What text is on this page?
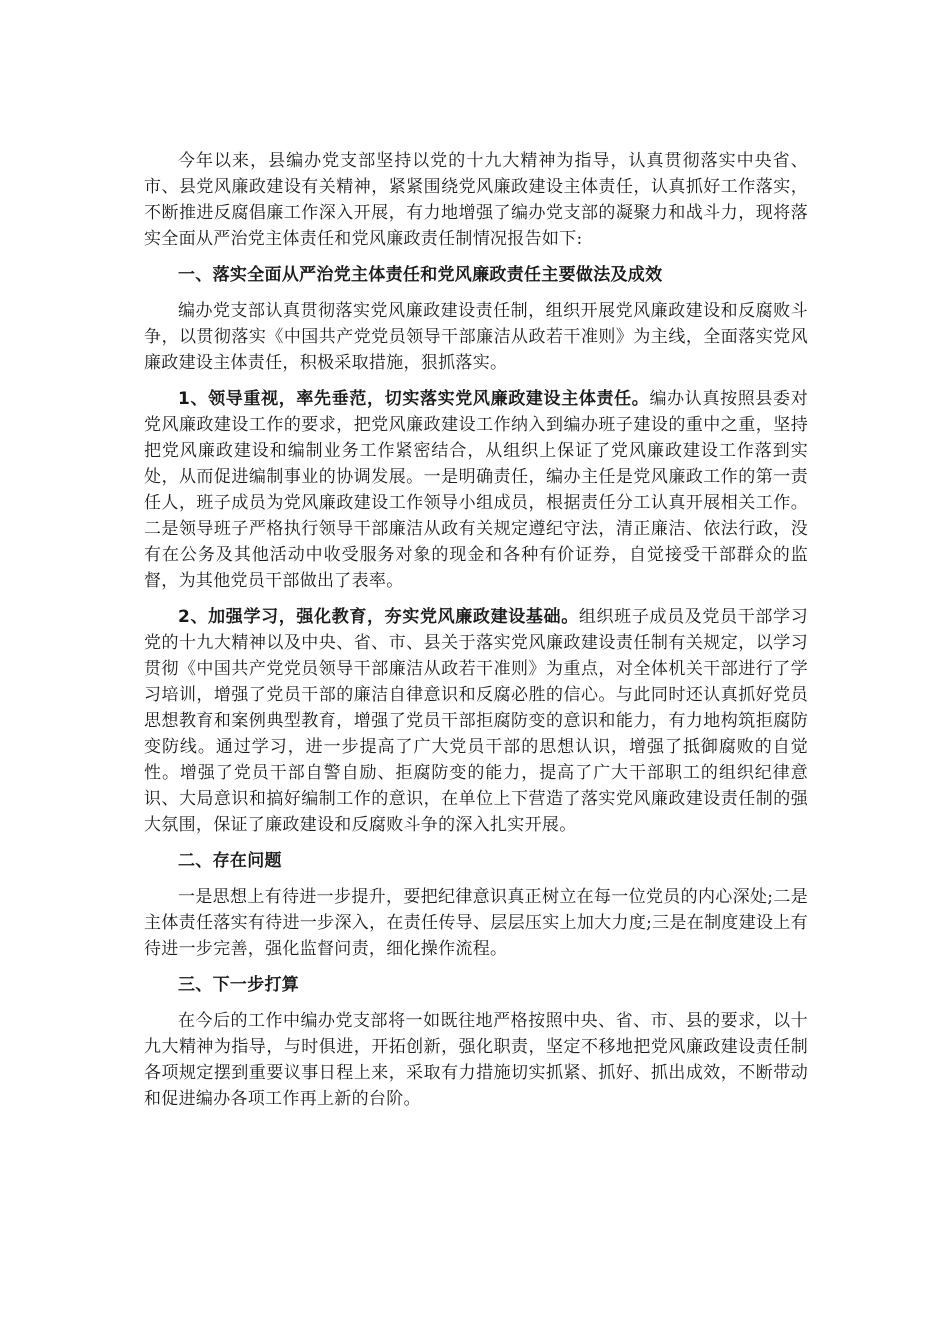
今年以来，县编办党支部坚持以党的十九大精神为指导，认真贯彻落实中央省、市、县党风廉政建设有关精神，紧紧围绕党风廉政建设主体责任，认真抓好工作落实，不断推进反腐倡廉工作深入开展，有力地增强了编办党支部的凝聚力和战斗力，现将落实全面从严治党主体责任和党风廉政责任制情况报告如下:

一、落实全面从严治党主体责任和党风廉政责任主要做法及成效

编办党支部认真贯彻落实党风廉政建设责任制，组织开展党风廉政建设和反腐败斗争，以贯彻落实《中国共产党党员领导干部廉洁从政若干准则》为主线，全面落实党风廉政建设主体责任，积极采取措施，狠抓落实。

1、领导重视，率先垂范，切实落实党风廉政建设主体责任。编办认真按照县委对党风廉政建设工作的要求，把党风廉政建设工作纳入到编办班子建设的重中之重，坚持把党风廉政建设和编制业务工作紧密结合，从组织上保证了党风廉政建设工作落到实处，从而促进编制事业的协调发展。一是明确责任，编办主任是党风廉政工作的第一责任人，班子成员为党风廉政建设工作领导小组成员，根据责任分工认真开展相关工作。二是领导班子严格执行领导干部廉洁从政有关规定遵纪守法，清正廉洁、依法行政，没有在公务及其他活动中收受服务对象的现金和各种有价证券，自觉接受干部群众的监督，为其他党员干部做出了表率。

2、加强学习，强化教育，夯实党风廉政建设基础。组织班子成员及党员干部学习党的十九大精神以及中央、省、市、县关于落实党风廉政建设责任制有关规定，以学习贯彻《中国共产党党员领导干部廉洁从政若干准则》为重点，对全体机关干部进行了学习培训，增强了党员干部的廉洁自律意识和反腐必胜的信心。与此同时还认真抓好党员思想教育和案例典型教育，增强了党员干部拒腐防变的意识和能力，有力地构筑拒腐防变防线。通过学习，进一步提高了广大党员干部的思想认识，增强了抵御腐败的自觉性。增强了党员干部自警自励、拒腐防变的能力，提高了广大干部职工的组织纪律意识、大局意识和搞好编制工作的意识，在单位上下营造了落实党风廉政建设责任制的强大氛围，保证了廉政建设和反腐败斗争的深入扎实开展。

二、存在问题

一是思想上有待进一步提升，要把纪律意识真正树立在每一位党员的内心深处;二是主体责任落实有待进一步深入，在责任传导、层层压实上加大力度;三是在制度建设上有待进一步完善，强化监督问责，细化操作流程。

三、下一步打算

在今后的工作中编办党支部将一如既往地严格按照中央、省、市、县的要求，以十九大精神为指导，与时俱进，开拓创新，强化职责，坚定不移地把党风廉政建设责任制各项规定摆到重要议事日程上来，采取有力措施切实抓紧、抓好、抓出成效，不断带动和促进编办各项工作再上新的台阶。
